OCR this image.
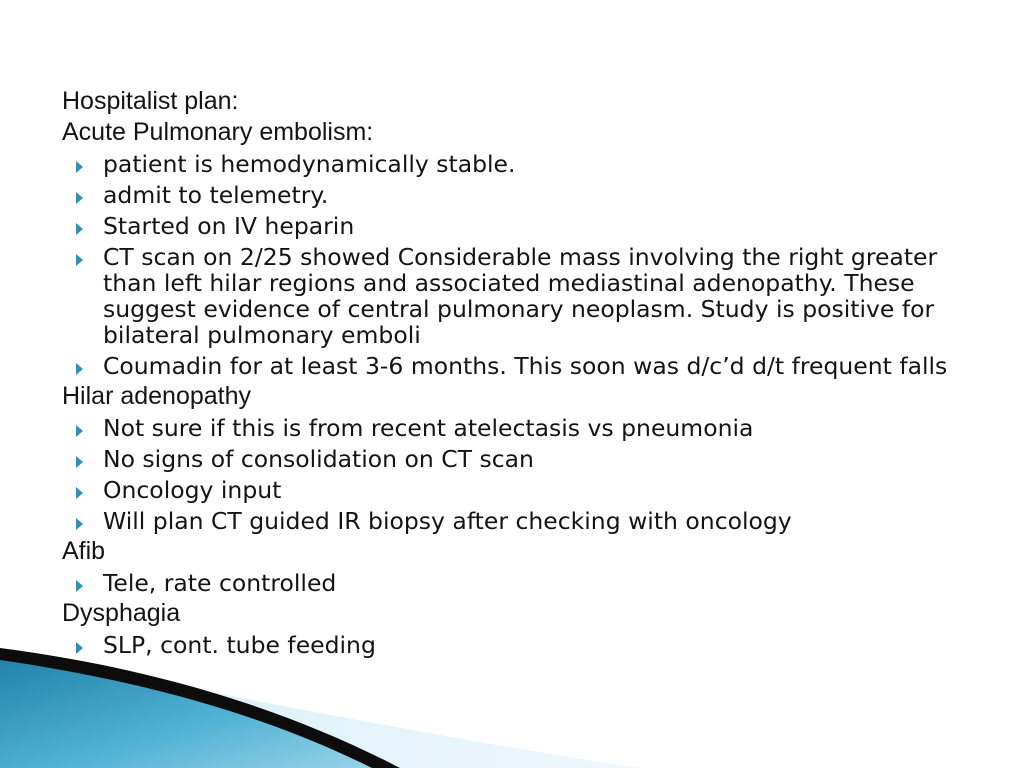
Hospitalist plan:
Acute Pulmonary embolism:
patient is hemodynamically stable.
admit to telemetry.
Started on IV heparin
CT scan on 2/25 showed Considerable mass involving the right greater than left hilar regions and associated mediastinal adenopathy. These suggest evidence of central pulmonary neoplasm. Study is positive for bilateral pulmonary emboli
Coumadin for at least 3-6 months. This soon was d/c’d d/t frequent falls
Hilar adenopathy
Not sure if this is from recent atelectasis vs pneumonia
No signs of consolidation on CT scan
Oncology input
Will plan CT guided IR biopsy after checking with oncology
Afib
Tele, rate controlled
Dysphagia
SLP, cont. tube feeding
